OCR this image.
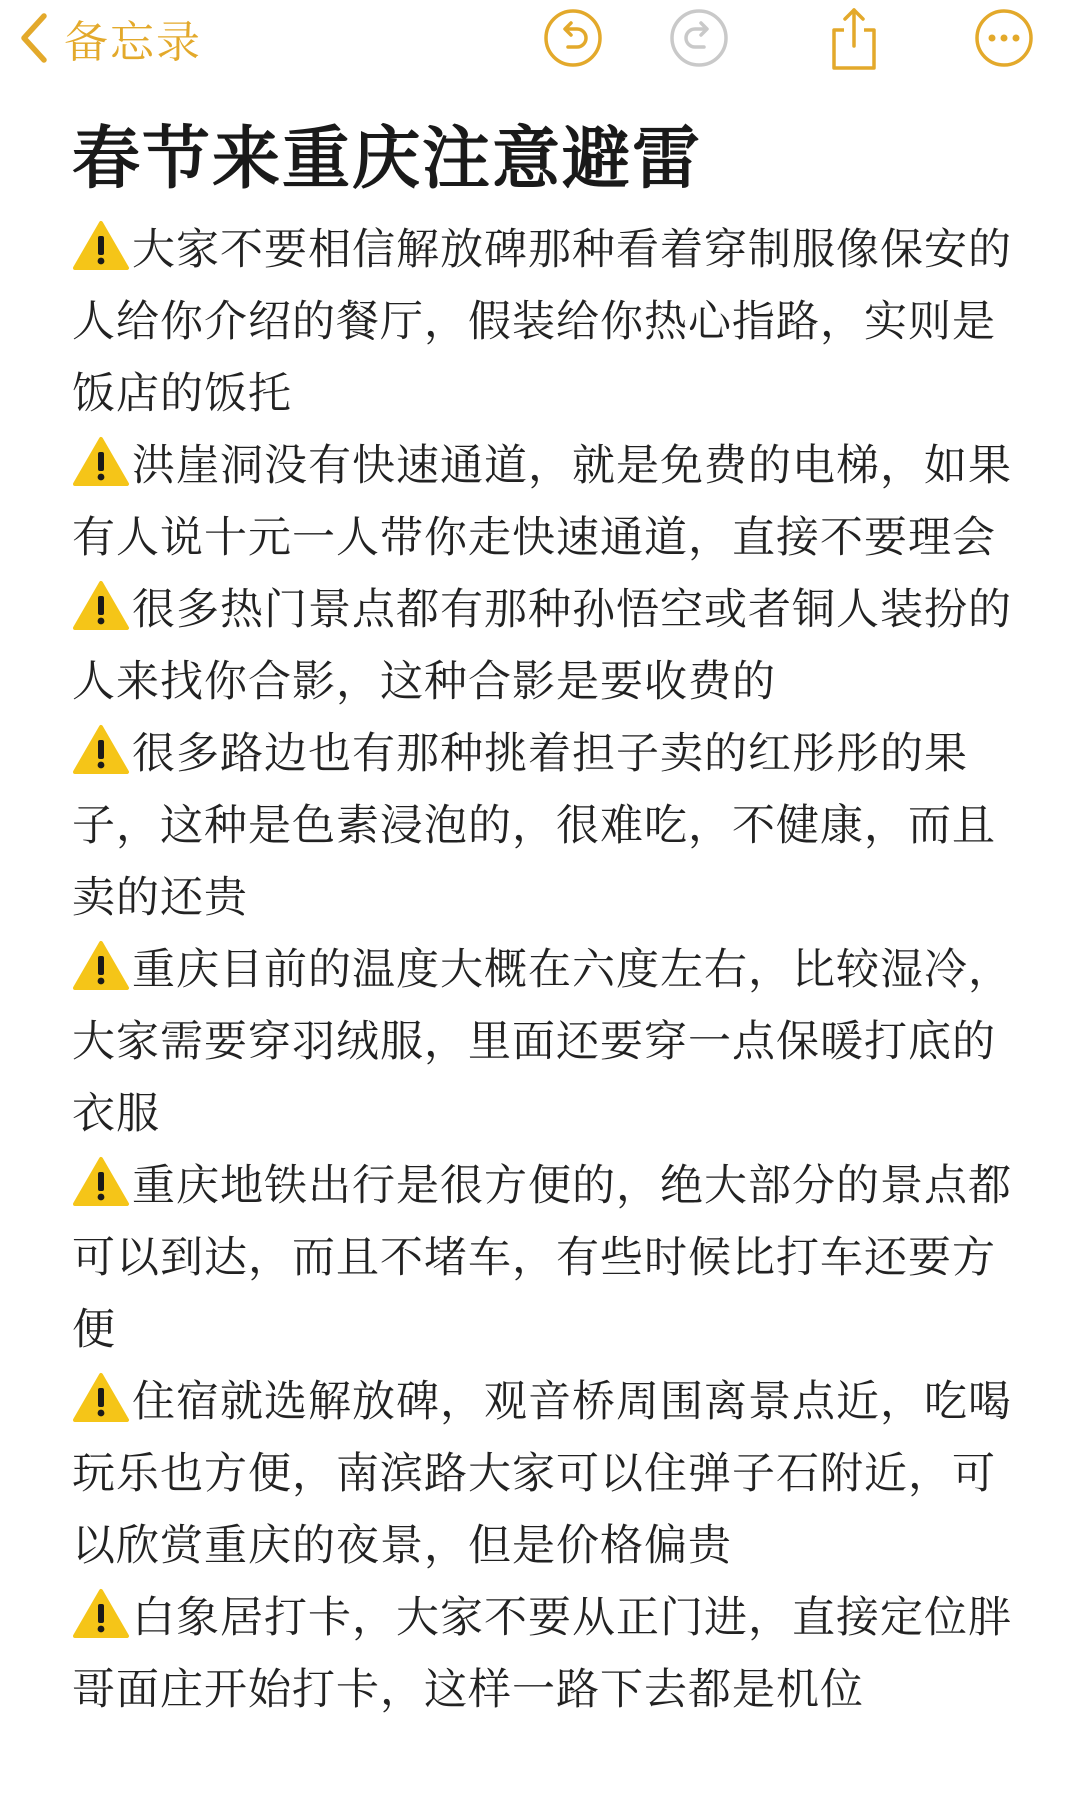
备忘录
春节来重庆注意避雷

大家不要相信解放碑那种看着穿制服像保安的人给你介绍的餐厅，假装给你热心指路，实则是饭店的饭托

洪崖洞没有快速通道，就是免费的电梯，如果有人说十元一人带你走快速通道，直接不要理会

很多热门景点都有那种孙悟空或者铜人装扮的人来找你合影，这种合影是要收费的

很多路边也有那种挑着担子卖的红彤彤的果子，这种是色素浸泡的，很难吃，不健康，而且卖的还贵

重庆目前的温度大概在六度左右，比较湿冷，大家需要穿羽绒服，里面还要穿一点保暖打底的衣服

重庆地铁出行是很方便的，绝大部分的景点都可以到达，而且不堵车，有些时候比打车还要方便

住宿就选解放碑，观音桥周围离景点近，吃喝玩乐也方便，南滨路大家可以住弹子石附近，可以欣赏重庆的夜景，但是价格偏贵

白象居打卡，大家不要从正门进，直接定位胖哥面庄开始打卡，这样一路下去都是机位
